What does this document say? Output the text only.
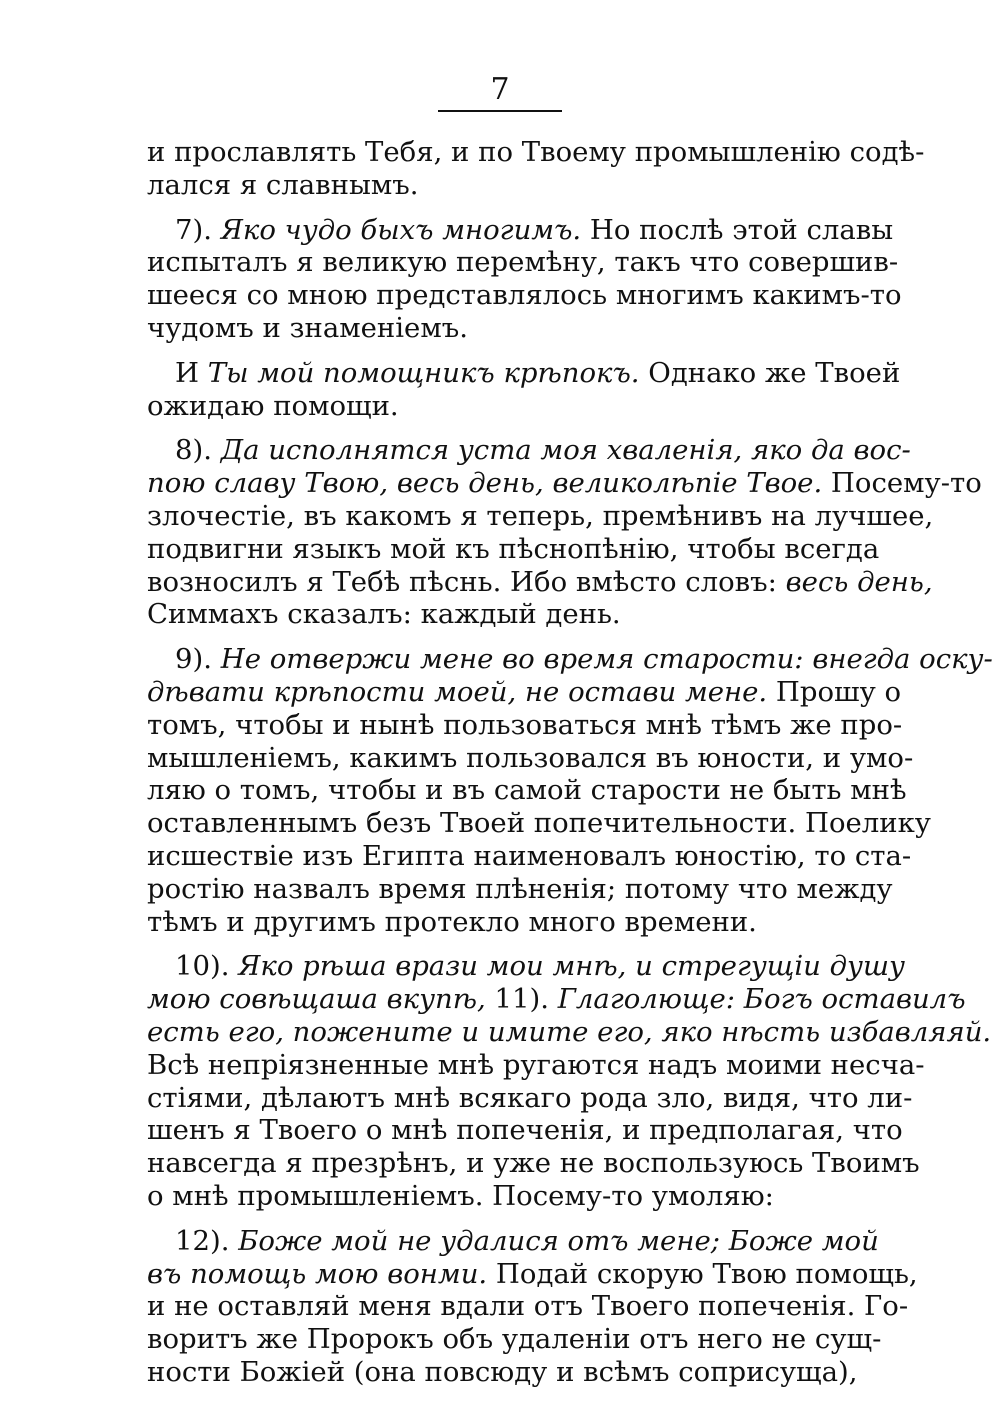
7
и прославлять Тебя, и по Твоему промышленію содѣ-
лался я славнымъ.
7). Яко чудо быхъ многимъ. Но послѣ этой славы
испыталъ я великую перемѣну, такъ что совершив-
шееся со мною представлялось многимъ какимъ-то
чудомъ и знаменіемъ.
И Ты мой помощникъ крѣпокъ. Однако же Твоей
ожидаю помощи.
8). Да исполнятся уста моя хваленія, яко да вос-
пою славу Твою, весь день, великолѣпіе Твое. Посему-то
злочестіе, въ какомъ я теперь, премѣнивъ на лучшее,
подвигни языкъ мой къ пѣснопѣнію, чтобы всегда
возносилъ я Тебѣ пѣснь. Ибо вмѣсто словъ: весь день,
Симмахъ сказалъ: каждый день.
9). Не отвержи мене во время старости: внегда оску-
дѣвати крѣпости моей, не остави мене. Прошу о
томъ, чтобы и нынѣ пользоваться мнѣ тѣмъ же про-
мышленіемъ, какимъ пользовался въ юности, и умо-
ляю о томъ, чтобы и въ самой старости не быть мнѣ
оставленнымъ безъ Твоей попечительности. Поелику
исшествіе изъ Египта наименовалъ юностію, то ста-
ростію назвалъ время плѣненія; потому что между
тѣмъ и другимъ протекло много времени.
10). Яко рѣша врази мои мнѣ, и стрегущіи душу
мою совѣщаша вкупѣ, 11). Глаголюще: Богъ оставилъ
есть его, пожените и имите его, яко нѣсть избавляяй.
Всѣ непріязненные мнѣ ругаются надъ моими несча-
стіями, дѣлаютъ мнѣ всякаго рода зло, видя, что ли-
шенъ я Твоего о мнѣ попеченія, и предполагая, что
навсегда я презрѣнъ, и уже не воспользуюсь Твоимъ
о мнѣ промышленіемъ. Посему-то умоляю:
12). Боже мой не удалися отъ мене; Боже мой
въ помощь мою вонми. Подай скорую Твою помощь,
и не оставляй меня вдали отъ Твоего попеченія. Го-
воритъ же Пророкъ объ удаленіи отъ него не сущ-
ности Божіей (она повсюду и всѣмъ соприсуща),
